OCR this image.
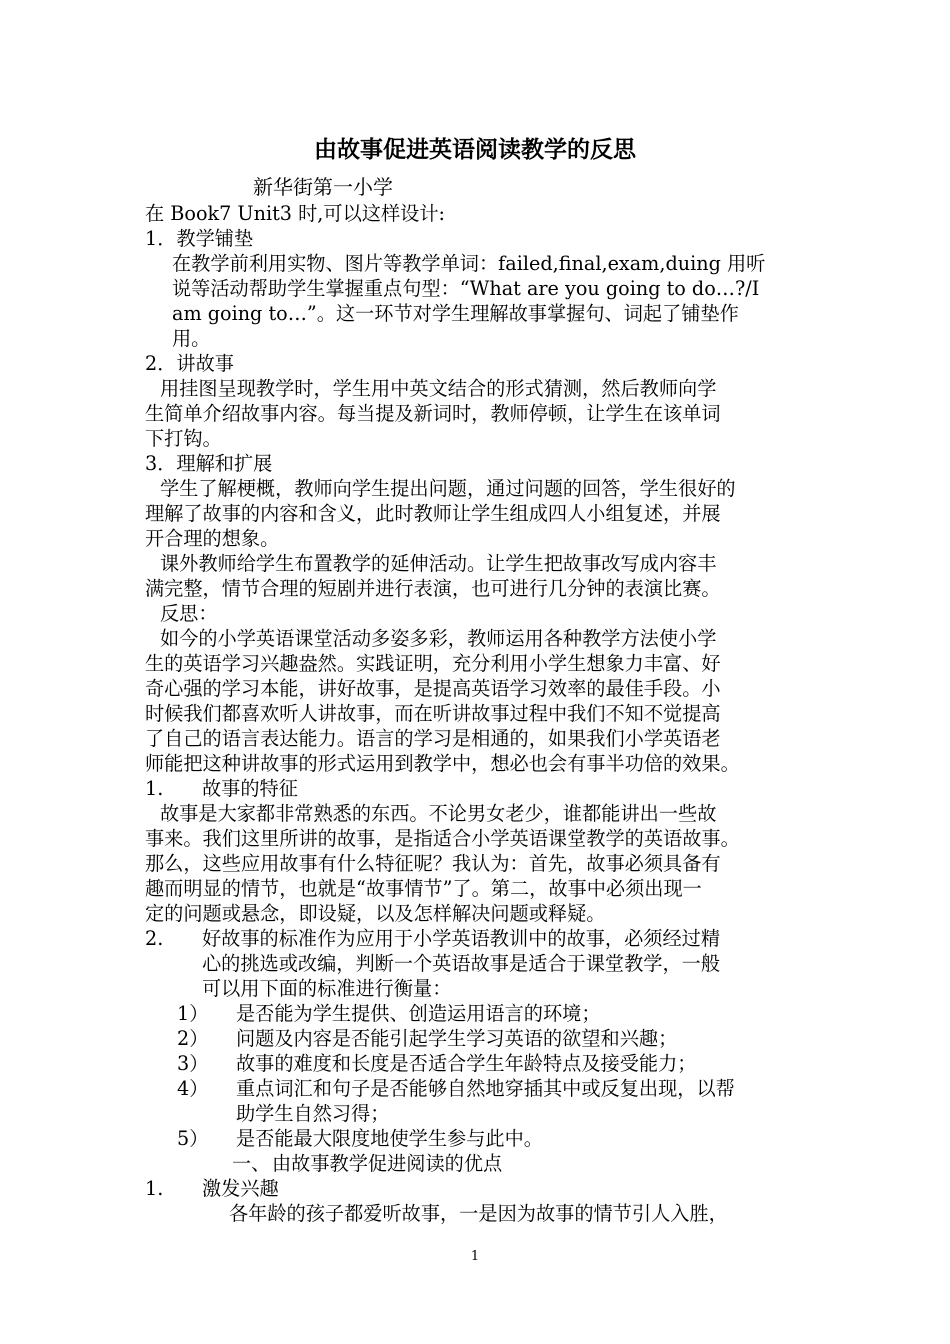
由故事促进英语阅读教学的反思
新华街第一小学
在 Book7 Unit3 时,可以这样设计:
1．教学铺垫
在教学前利用实物、图片等教学单词：failed,final,exam,duing 用听
说等活动帮助学生掌握重点句型：“What are you going to do…?/I
am going to…”。这一环节对学生理解故事掌握句、词起了铺垫作
用。
2．讲故事
用挂图呈现教学时，学生用中英文结合的形式猜测，然后教师向学
生简单介绍故事内容。每当提及新词时，教师停顿，让学生在该单词
下打钩。
3．理解和扩展
学生了解梗概，教师向学生提出问题，通过问题的回答，学生很好的
理解了故事的内容和含义，此时教师让学生组成四人小组复述，并展
开合理的想象。
课外教师给学生布置教学的延伸活动。让学生把故事改写成内容丰
满完整，情节合理的短剧并进行表演，也可进行几分钟的表演比赛。
反思：
如今的小学英语课堂活动多姿多彩，教师运用各种教学方法使小学
生的英语学习兴趣盎然。实践证明，充分利用小学生想象力丰富、好
奇心强的学习本能，讲好故事，是提高英语学习效率的最佳手段。小
时候我们都喜欢听人讲故事，而在听讲故事过程中我们不知不觉提高
了自己的语言表达能力。语言的学习是相通的，如果我们小学英语老
师能把这种讲故事的形式运用到教学中，想必也会有事半功倍的效果。
1. 故事的特征
故事是大家都非常熟悉的东西。不论男女老少，谁都能讲出一些故
事来。我们这里所讲的故事，是指适合小学英语课堂教学的英语故事。
那么，这些应用故事有什么特征呢？我认为：首先，故事必须具备有
趣而明显的情节，也就是“故事情节”了。第二，故事中必须出现一
定的问题或悬念，即设疑，以及怎样解决问题或释疑。
2. 好故事的标准作为应用于小学英语教训中的故事，必须经过精
心的挑选或改编，判断一个英语故事是适合于课堂教学，一般
可以用下面的标准进行衡量：
1） 是否能为学生提供、创造运用语言的环境；
2） 问题及内容是否能引起学生学习英语的欲望和兴趣；
3） 故事的难度和长度是否适合学生年龄特点及接受能力；
4） 重点词汇和句子是否能够自然地穿插其中或反复出现，以帮
助学生自然习得；
5） 是否能最大限度地使学生参与此中。
一、 由故事教学促进阅读的优点
1. 激发兴趣
各年龄的孩子都爱听故事，一是因为故事的情节引人入胜，
1
